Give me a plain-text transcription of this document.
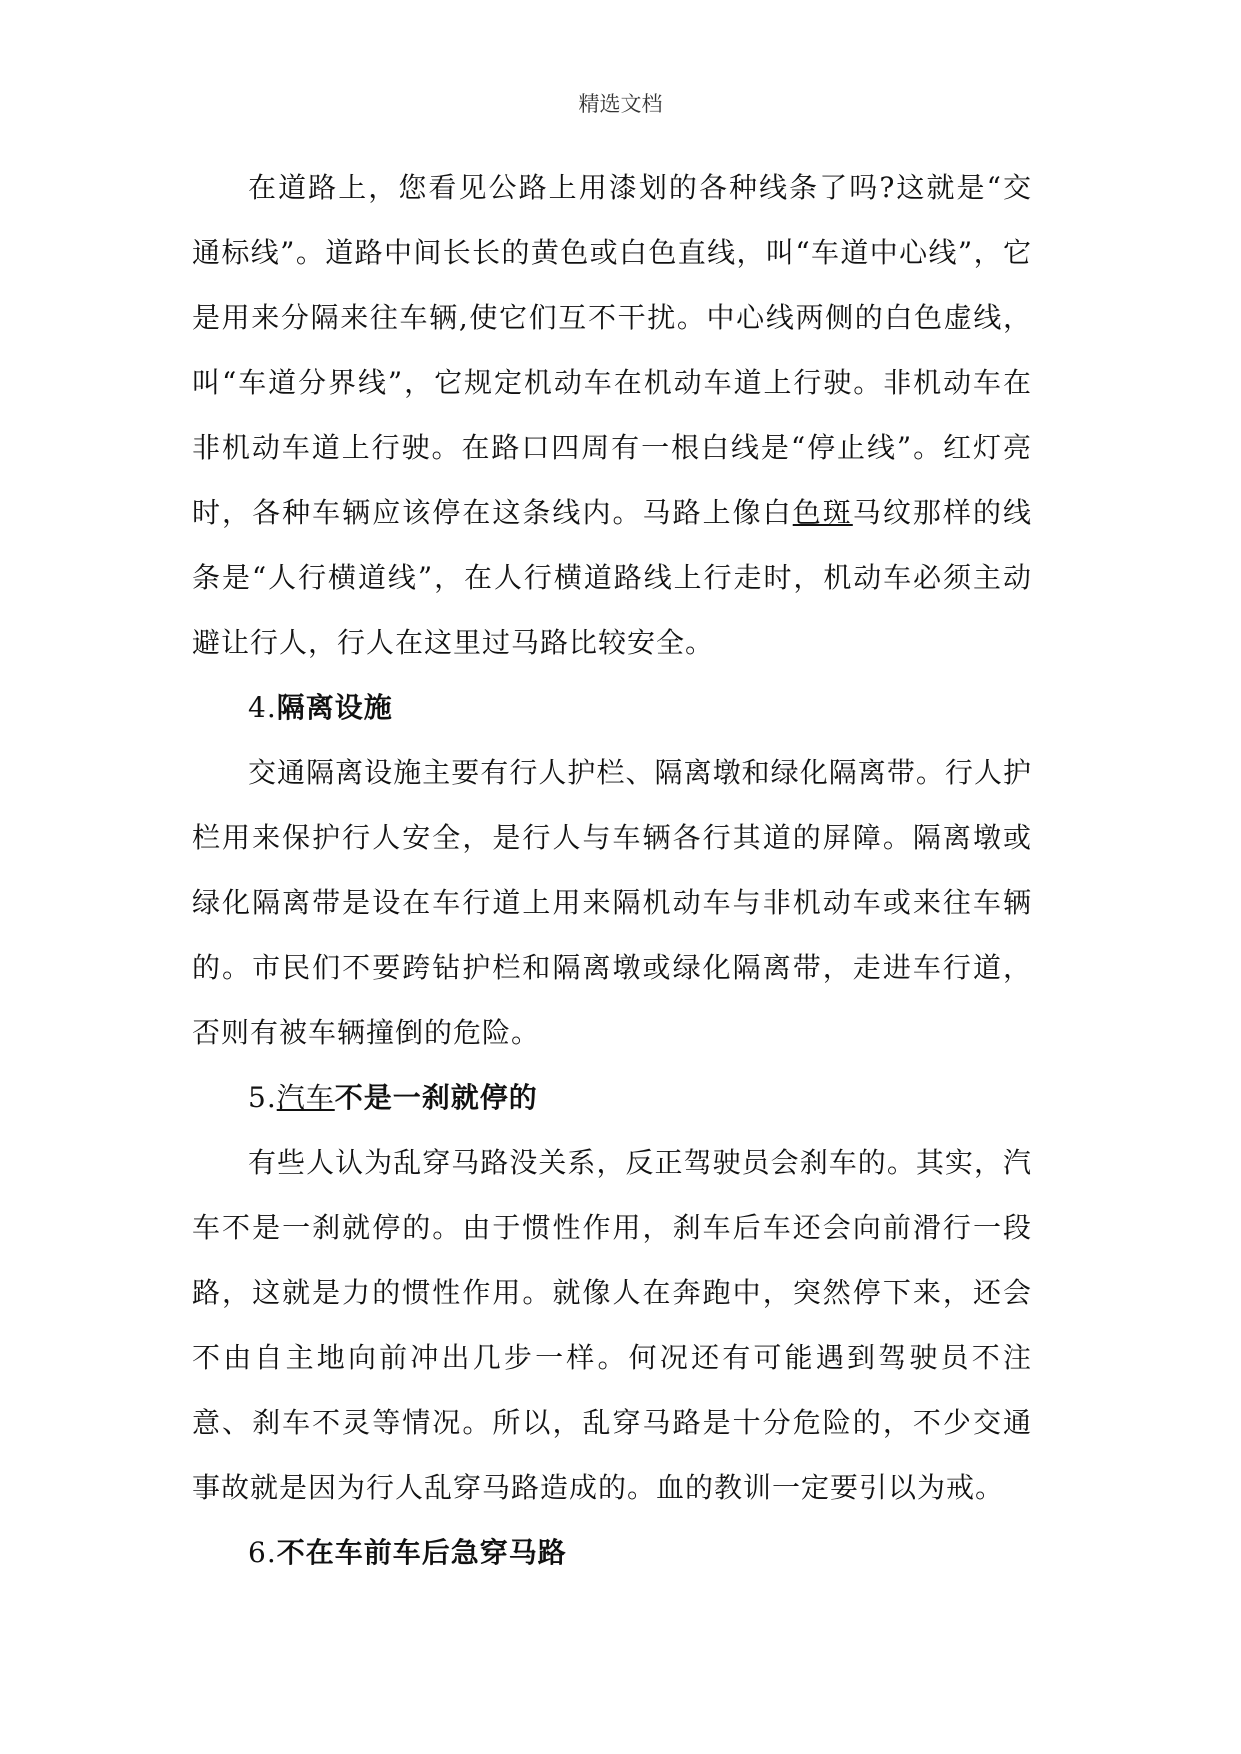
精选文档

在道路上，您看见公路上用漆划的各种线条了吗?这就是“交通标线”。道路中间长长的黄色或白色直线，叫“车道中心线”，它是用来分隔来往车辆,使它们互不干扰。中心线两侧的白色虚线，叫“车道分界线”，它规定机动车在机动车道上行驶。非机动车在非机动车道上行驶。在路口四周有一根白线是“停止线”。红灯亮时，各种车辆应该停在这条线内。马路上像白色斑马纹那样的线条是“人行横道线”，在人行横道路线上行走时，机动车必须主动避让行人，行人在这里过马路比较安全。

4.隔离设施

交通隔离设施主要有行人护栏、隔离墩和绿化隔离带。行人护栏用来保护行人安全，是行人与车辆各行其道的屏障。隔离墩或绿化隔离带是设在车行道上用来隔机动车与非机动车或来往车辆的。市民们不要跨钻护栏和隔离墩或绿化隔离带，走进车行道，否则有被车辆撞倒的危险。

5.汽车不是一刹就停的

有些人认为乱穿马路没关系，反正驾驶员会刹车的。其实，汽车不是一刹就停的。由于惯性作用，刹车后车还会向前滑行一段路，这就是力的惯性作用。就像人在奔跑中，突然停下来，还会不由自主地向前冲出几步一样。何况还有可能遇到驾驶员不注意、刹车不灵等情况。所以，乱穿马路是十分危险的，不少交通事故就是因为行人乱穿马路造成的。血的教训一定要引以为戒。

6.不在车前车后急穿马路
